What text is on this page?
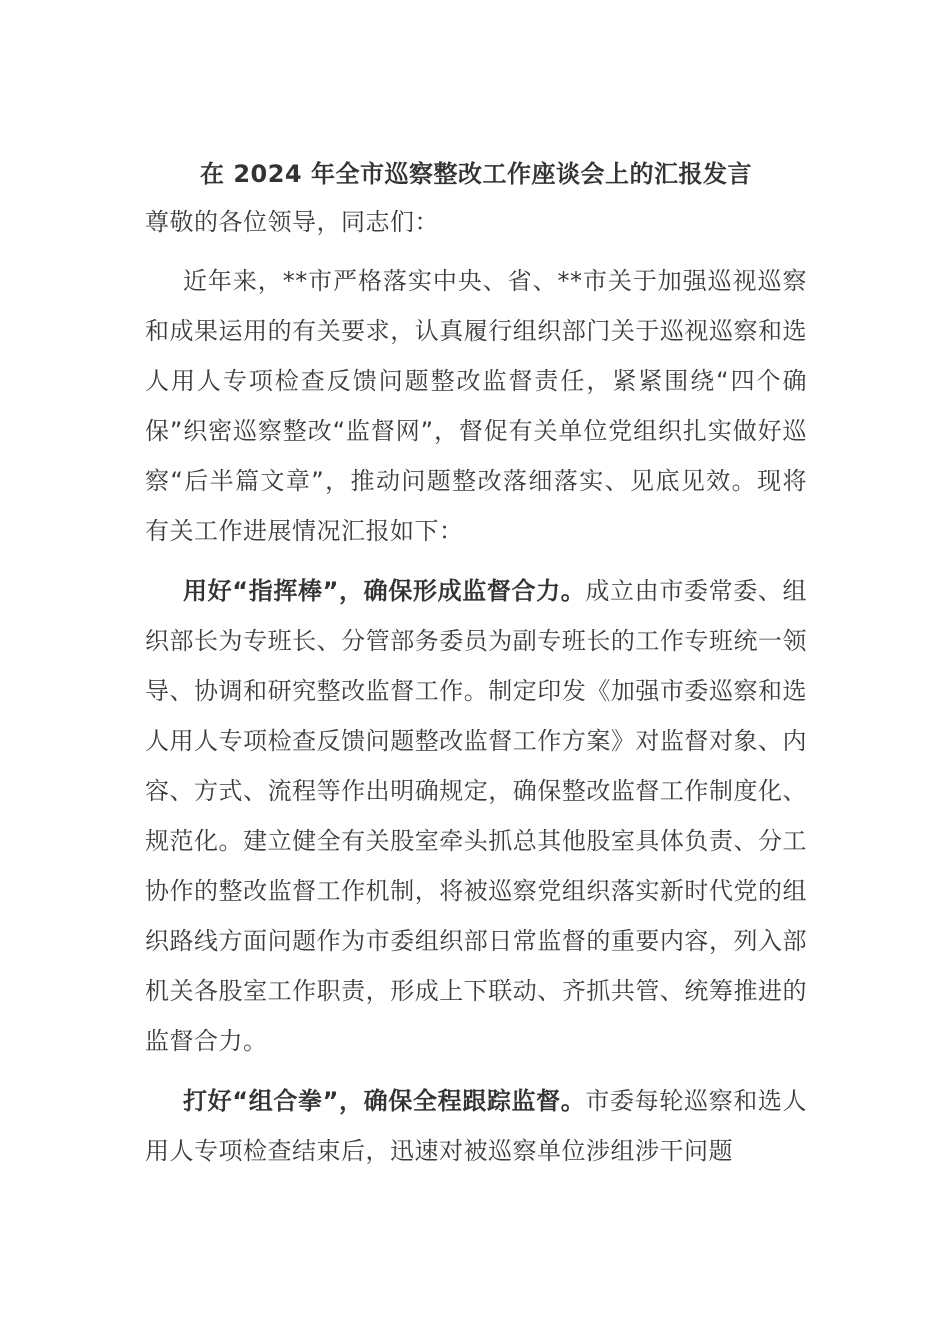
在 2024 年全市巡察整改工作座谈会上的汇报发言

尊敬的各位领导，同志们：

近年来，**市严格落实中央、省、**市关于加强巡视巡察和成果运用的有关要求，认真履行组织部门关于巡视巡察和选人用人专项检查反馈问题整改监督责任，紧紧围绕“四个确保”织密巡察整改“监督网”，督促有关单位党组织扎实做好巡察“后半篇文章”，推动问题整改落细落实、见底见效。现将有关工作进展情况汇报如下：

用好“指挥棒”，确保形成监督合力。成立由市委常委、组织部长为专班长、分管部务委员为副专班长的工作专班统一领导、协调和研究整改监督工作。制定印发《加强市委巡察和选人用人专项检查反馈问题整改监督工作方案》对监督对象、内容、方式、流程等作出明确规定，确保整改监督工作制度化、规范化。建立健全有关股室牵头抓总其他股室具体负责、分工协作的整改监督工作机制，将被巡察党组织落实新时代党的组织路线方面问题作为市委组织部日常监督的重要内容，列入部机关各股室工作职责，形成上下联动、齐抓共管、统筹推进的监督合力。

打好“组合拳”，确保全程跟踪监督。市委每轮巡察和选人用人专项检查结束后，迅速对被巡察单位涉组涉干问题
